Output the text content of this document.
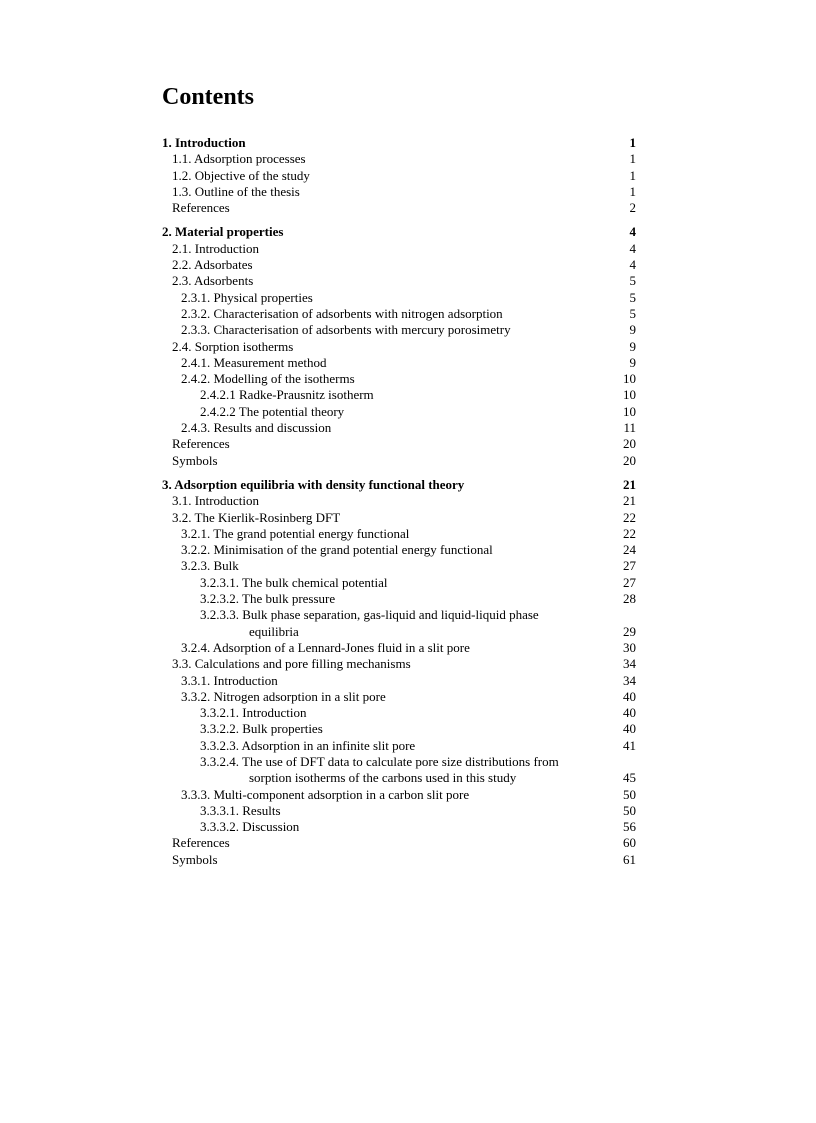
Contents
1. Introduction	1
1.1. Adsorption processes	1
1.2. Objective of the study	1
1.3. Outline of the thesis	1
References	2
2. Material properties	4
2.1. Introduction	4
2.2. Adsorbates	4
2.3. Adsorbents	5
2.3.1. Physical properties	5
2.3.2. Characterisation of adsorbents with nitrogen adsorption	5
2.3.3. Characterisation of adsorbents with mercury porosimetry	9
2.4. Sorption isotherms	9
2.4.1. Measurement method	9
2.4.2. Modelling of the isotherms	10
2.4.2.1 Radke-Prausnitz isotherm	10
2.4.2.2 The potential theory	10
2.4.3. Results and discussion	11
References	20
Symbols	20
3. Adsorption equilibria with density functional theory	21
3.1. Introduction	21
3.2. The Kierlik-Rosinberg DFT	22
3.2.1. The grand potential energy functional	22
3.2.2. Minimisation of the grand potential energy functional	24
3.2.3. Bulk	27
3.2.3.1. The bulk chemical potential	27
3.2.3.2. The bulk pressure	28
3.2.3.3. Bulk phase separation, gas-liquid and liquid-liquid phase
equilibria	29
3.2.4. Adsorption of a Lennard-Jones fluid in a slit pore	30
3.3. Calculations and pore filling mechanisms	34
3.3.1. Introduction	34
3.3.2. Nitrogen adsorption in a slit pore	40
3.3.2.1. Introduction	40
3.3.2.2. Bulk properties	40
3.3.2.3. Adsorption in an infinite slit pore	41
3.3.2.4. The use of DFT data to calculate pore size distributions from
sorption isotherms of the carbons used in this study	45
3.3.3. Multi-component adsorption in a carbon slit pore	50
3.3.3.1. Results	50
3.3.3.2. Discussion	56
References	60
Symbols	61
